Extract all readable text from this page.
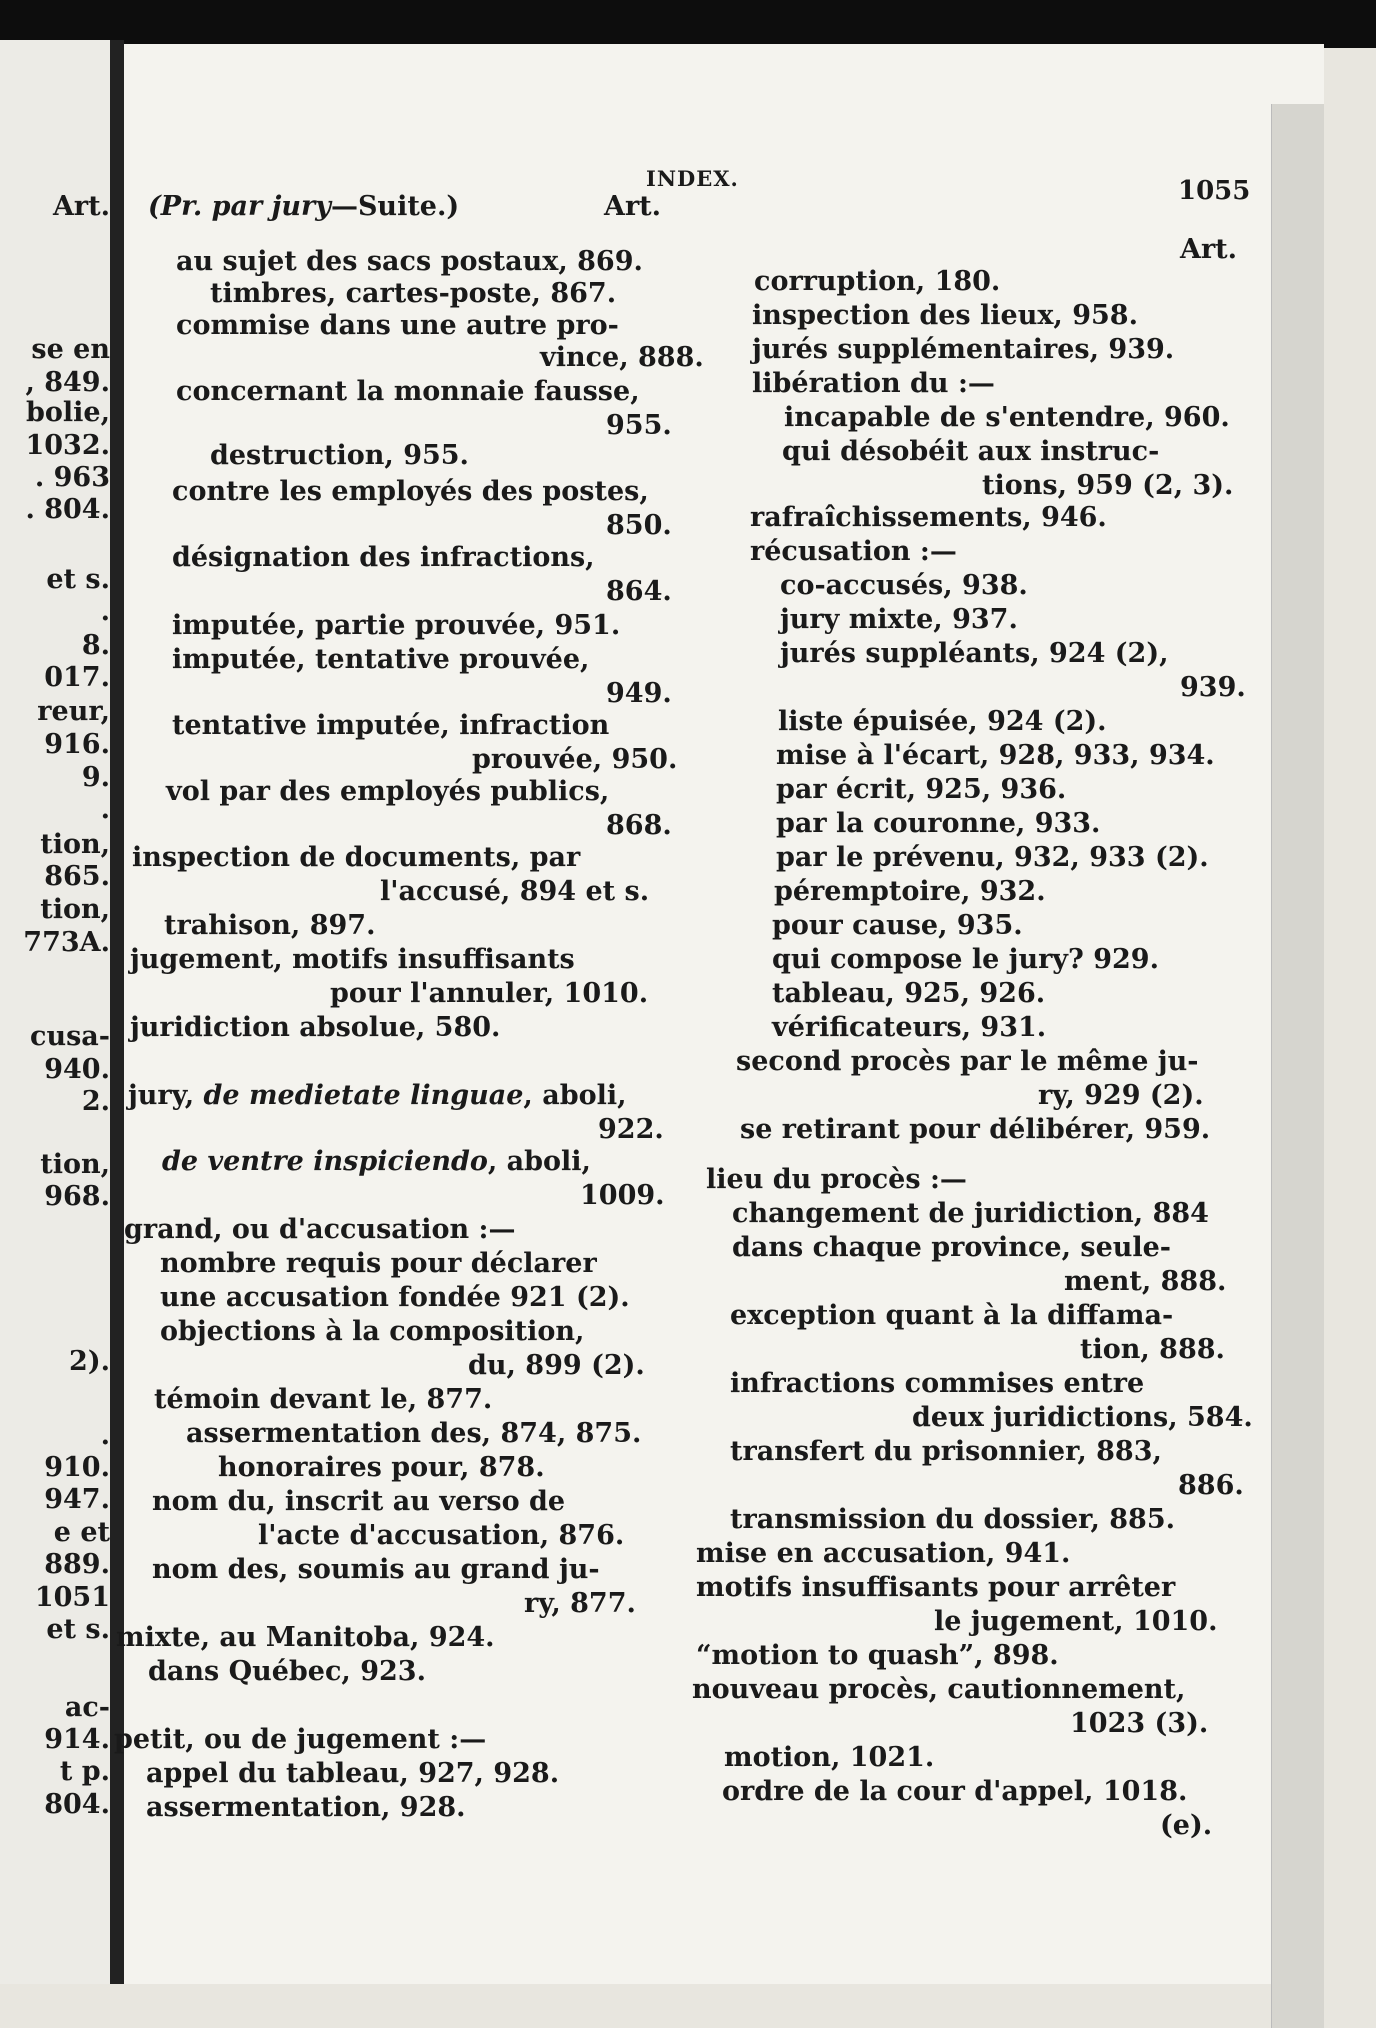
Art.
se en
, 849.
bolie,
1032.
. 963
. 804.
et s.
.
8.
017.
reur,
916.
9.
.
tion,
865.
tion,
773A.
cusa-
940.
2.
tion,
968.
2).
.
910.
947.
e et
889.
1051
et s.
ac-
914.
t p.
804.
INDEX.	1055
(Pr. par jury—Suite.)	Art.
au sujet des sacs postaux, 869.
timbres, cartes-poste, 867.
commise dans une autre pro-
vince, 888.
concernant la monnaie fausse,
955.
destruction, 955.
contre les employés des postes,
850.
désignation des infractions,
864.
imputée, partie prouvée, 951.
imputée, tentative prouvée,
949.
tentative imputée, infraction
prouvée, 950.
vol par des employés publics,
868.
inspection de documents, par
l'accusé, 894 et s.
trahison, 897.
jugement, motifs insuffisants
pour l'annuler, 1010.
juridiction absolue, 580.
jury, de medietate linguae, aboli,
922.
de ventre inspiciendo, aboli,
1009.
grand, ou d'accusation :—
nombre requis pour déclarer
une accusation fondée 921 (2).
objections à la composition,
du, 899 (2).
témoin devant le, 877.
assermentation des, 874, 875.
honoraires pour, 878.
nom du, inscrit au verso de
l'acte d'accusation, 876.
nom des, soumis au grand ju-
ry, 877.
mixte, au Manitoba, 924.
dans Québec, 923.
petit, ou de jugement :—
appel du tableau, 927, 928.
assermentation, 928.
Art.
corruption, 180.
inspection des lieux, 958.
jurés supplémentaires, 939.
libération du :—
incapable de s'entendre, 960.
qui désobéit aux instruc-
tions, 959 (2, 3).
rafraîchissements, 946.
récusation :—
co-accusés, 938.
jury mixte, 937.
jurés suppléants, 924 (2),
939.
liste épuisée, 924 (2).
mise à l'écart, 928, 933, 934.
par écrit, 925, 936.
par la couronne, 933.
par le prévenu, 932, 933 (2).
péremptoire, 932.
pour cause, 935.
qui compose le jury? 929.
tableau, 925, 926.
vérificateurs, 931.
second procès par le même ju-
ry, 929 (2).
se retirant pour délibérer, 959.
lieu du procès :—
changement de juridiction, 884
dans chaque province, seule-
ment, 888.
exception quant à la diffama-
tion, 888.
infractions commises entre
deux juridictions, 584.
transfert du prisonnier, 883,
886.
transmission du dossier, 885.
mise en accusation, 941.
motifs insuffisants pour arrêter
le jugement, 1010.
“motion to quash”, 898.
nouveau procès, cautionnement,
1023 (3).
motion, 1021.
ordre de la cour d'appel, 1018.
(e).
